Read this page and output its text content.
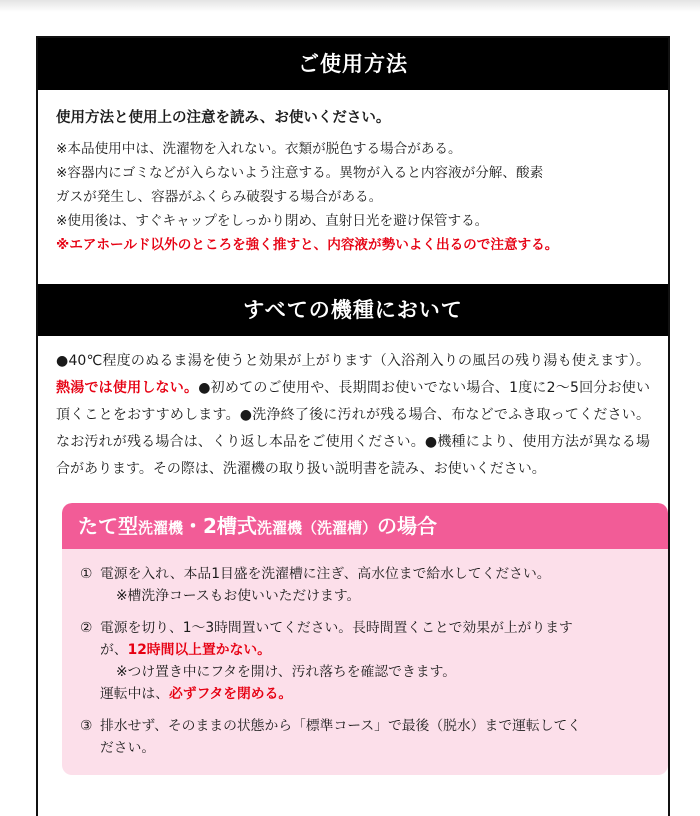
ご使用方法
使用方法と使用上の注意を読み、お使いください。
※本品使用中は、洗濯物を入れない。衣類が脱色する場合がある。
※容器内にゴミなどが入らないよう注意する。異物が入ると内容液が分解、酸素
ガスが発生し、容器がふくらみ破裂する場合がある。
※使用後は、すぐキャップをしっかり閉め、直射日光を避け保管する。
※エアホールド以外のところを強く推すと、内容液が勢いよく出るので注意する。
すべての機種において
●40℃程度のぬるま湯を使うと効果が上がります（入浴剤入りの風呂の残り湯も使えます）。熱湯では使用しない。●初めてのご使用や、長期間お使いでない場合、1度に2～5回分お使い頂くことをおすすめします。●洗浄終了後に汚れが残る場合、布などでふき取ってください。なお汚れが残る場合は、くり返し本品をご使用ください。●機種により、使用方法が異なる場合があります。その際は、洗濯機の取り扱い説明書を読み、お使いください。
たて型洗濯機・2槽式洗濯機（洗濯槽）の場合
① 電源を入れ、本品1目盛を洗濯槽に注ぎ、高水位まで給水してください。
※槽洗浄コースもお使いいただけます。
② 電源を切り、1～3時間置いてください。長時間置くことで効果が上がります
が、12時間以上置かない。
※つけ置き中にフタを開け、汚れ落ちを確認できます。
運転中は、必ずフタを閉める。
③ 排水せず、そのままの状態から「標準コース」で最後（脱水）まで運転してく
ださい。
